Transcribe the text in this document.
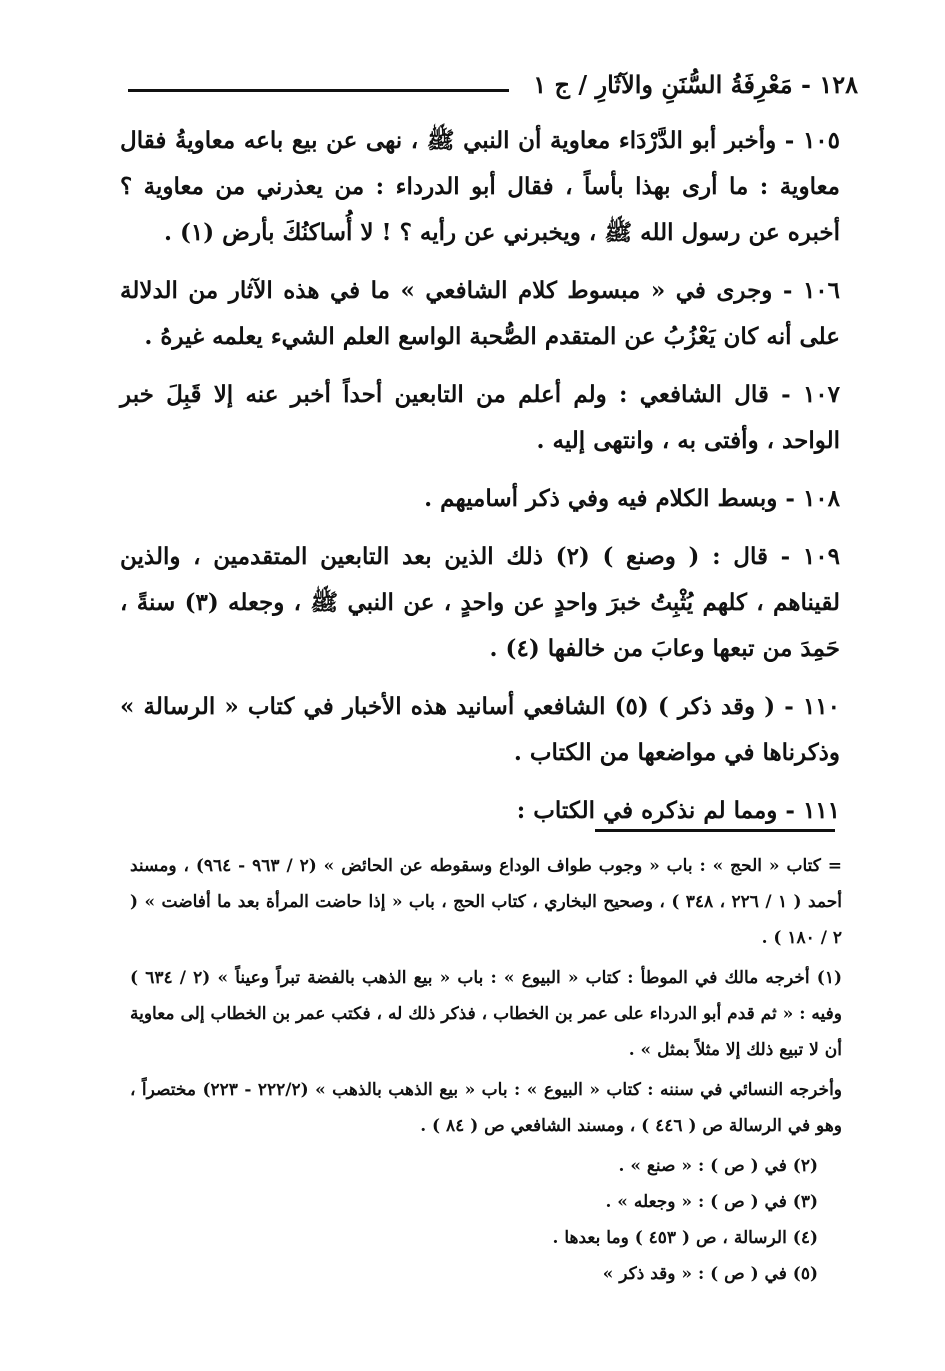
١٢٨ - مَعْرِفَةُ السُّنَنِ والآثَارِ / ج ١

١٠٥ - وأخبر أبو الدَّرْدَاء معاوية أن النبي ﷺ ، نهى عن بيع باعه معاويةُ فقال معاوية : ما أرى بهذا بأساً ، فقال أبو الدرداء : من يعذرني من معاوية ؟ أخبره عن رسول الله ﷺ ، ويخبرني عن رأيه ؟ ! لا أُساكنُكَ بأرض (١) .

١٠٦ - وجرى في « مبسوط كلام الشافعي » ما في هذه الآثار من الدلالة على أنه كان يَعْزُبُ عن المتقدم الصُّحبة الواسع العلم الشيء يعلمه غيرهُ .

١٠٧ - قال الشافعي : ولم أعلم من التابعين أحداً أخبر عنه إلا قَبِلَ خبر الواحد ، وأفتى به ، وانتهى إليه .

١٠٨ - وبسط الكلام فيه وفي ذكر أساميهم .

١٠٩ - قال : ( وصنع ) (٢) ذلك الذين بعد التابعين المتقدمين ، والذين لقيناهم ، كلهم يُثْبِتُ خبرَ واحدٍ عن واحدٍ ، عن النبي ﷺ ، وجعله (٣) سنةً ، حَمِدَ من تبعها وعابَ من خالفها (٤) .

١١٠ - ( وقد ذكر ) (٥) الشافعي أسانيد هذه الأخبار في كتاب « الرسالة » وذكرناها في مواضعها من الكتاب .

١١١ - ومما لم نذكره في الكتاب :

= كتاب « الحج » : باب « وجوب طواف الوداع وسقوطه عن الحائض » (٢ / ٩٦٣ - ٩٦٤) ، ومسند أحمد ( ١ / ٢٢٦ ، ٣٤٨ ) ، وصحيح البخاري ، كتاب الحج ، باب « إذا حاضت المرأة بعد ما أفاضت » ( ٢ / ١٨٠ ) .

(١) أخرجه مالك في الموطأ : كتاب « البيوع » : باب « بيع الذهب بالفضة تبراً وعيناً » (٢ / ٦٣٤ ) وفيه : « ثم قدم أبو الدرداء على عمر بن الخطاب ، فذكر ذلك له ، فكتب عمر بن الخطاب إلى معاوية أن لا تبيع ذلك إلا مثلاً بمثل » .

وأخرجه النسائي في سننه : كتاب « البيوع » : باب « بيع الذهب بالذهب » (٢٢٢/٢ - ٢٢٣) مختصراً ، وهو في الرسالة ص ( ٤٤٦ ) ، ومسند الشافعي ص ( ٨٤ ) .

(٢) في ( ص ) : « صنع » .

(٣) في ( ص ) : « وجعله » .

(٤) الرسالة ، ص ( ٤٥٣ ) وما بعدها .

(٥) في ( ص ) : « وقد ذكر »
